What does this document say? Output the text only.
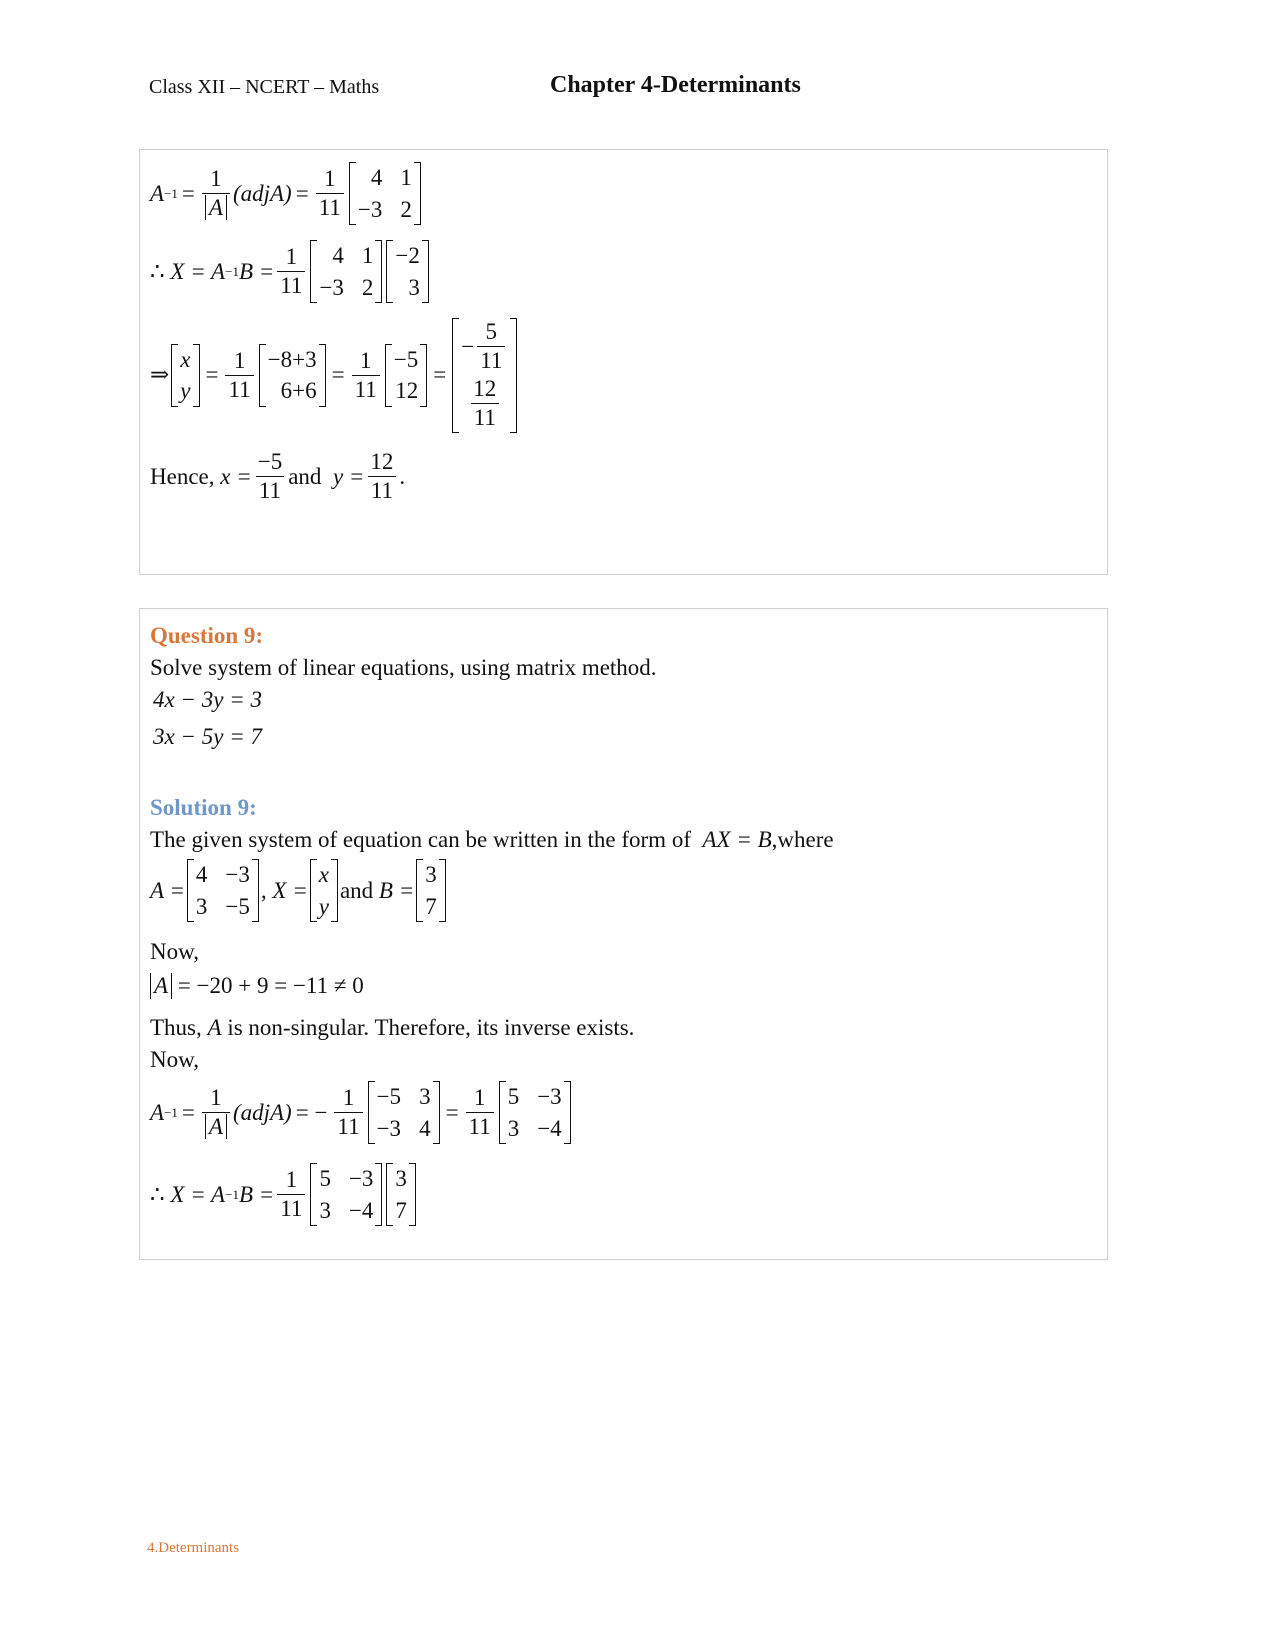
Class XII – NCERT – Maths	Chapter 4-Determinants
$A -1 = \frac{1}{A}$ (adjA) = $\frac{1}{11} 4$ 1
−3 2
∴
X = A −1 $B = \frac{1}{11} 4$ 1
−3 2
−2
3
⇒
x
y
= $\frac{1}{11} -8+3$
6+6
= $\frac{1}{11} -5$
12
=
− $\frac{5}{11}$
$\frac{12}{11}$
Hence,
$x = \frac{-5}{11}$ and
$y = \frac{12}{11}$ .
Question 9:
Solve system of linear equations, using matrix method.
4x − 3y = 3
3x − 5y = 7
Solution 9:
The given system of equation can be written in the form of AX = B,where
A =
4 −3
3 −5
, X =
x
y
and
B =
3
7
Now,
A
= −20 + 9 = −11 ≠ 0
Thus, A is non-singular. Therefore, its inverse exists.
Now,
$A -1 = \frac{1}{A}$ (adjA) = − $\frac{1}{11} -5$ 3
−3 4
= $\frac{1}{11} 5 -3$
3 −4
∴
X = A −1 $B = \frac{1}{11} 5 -3$
3 −4
3
7
4.Determinants
